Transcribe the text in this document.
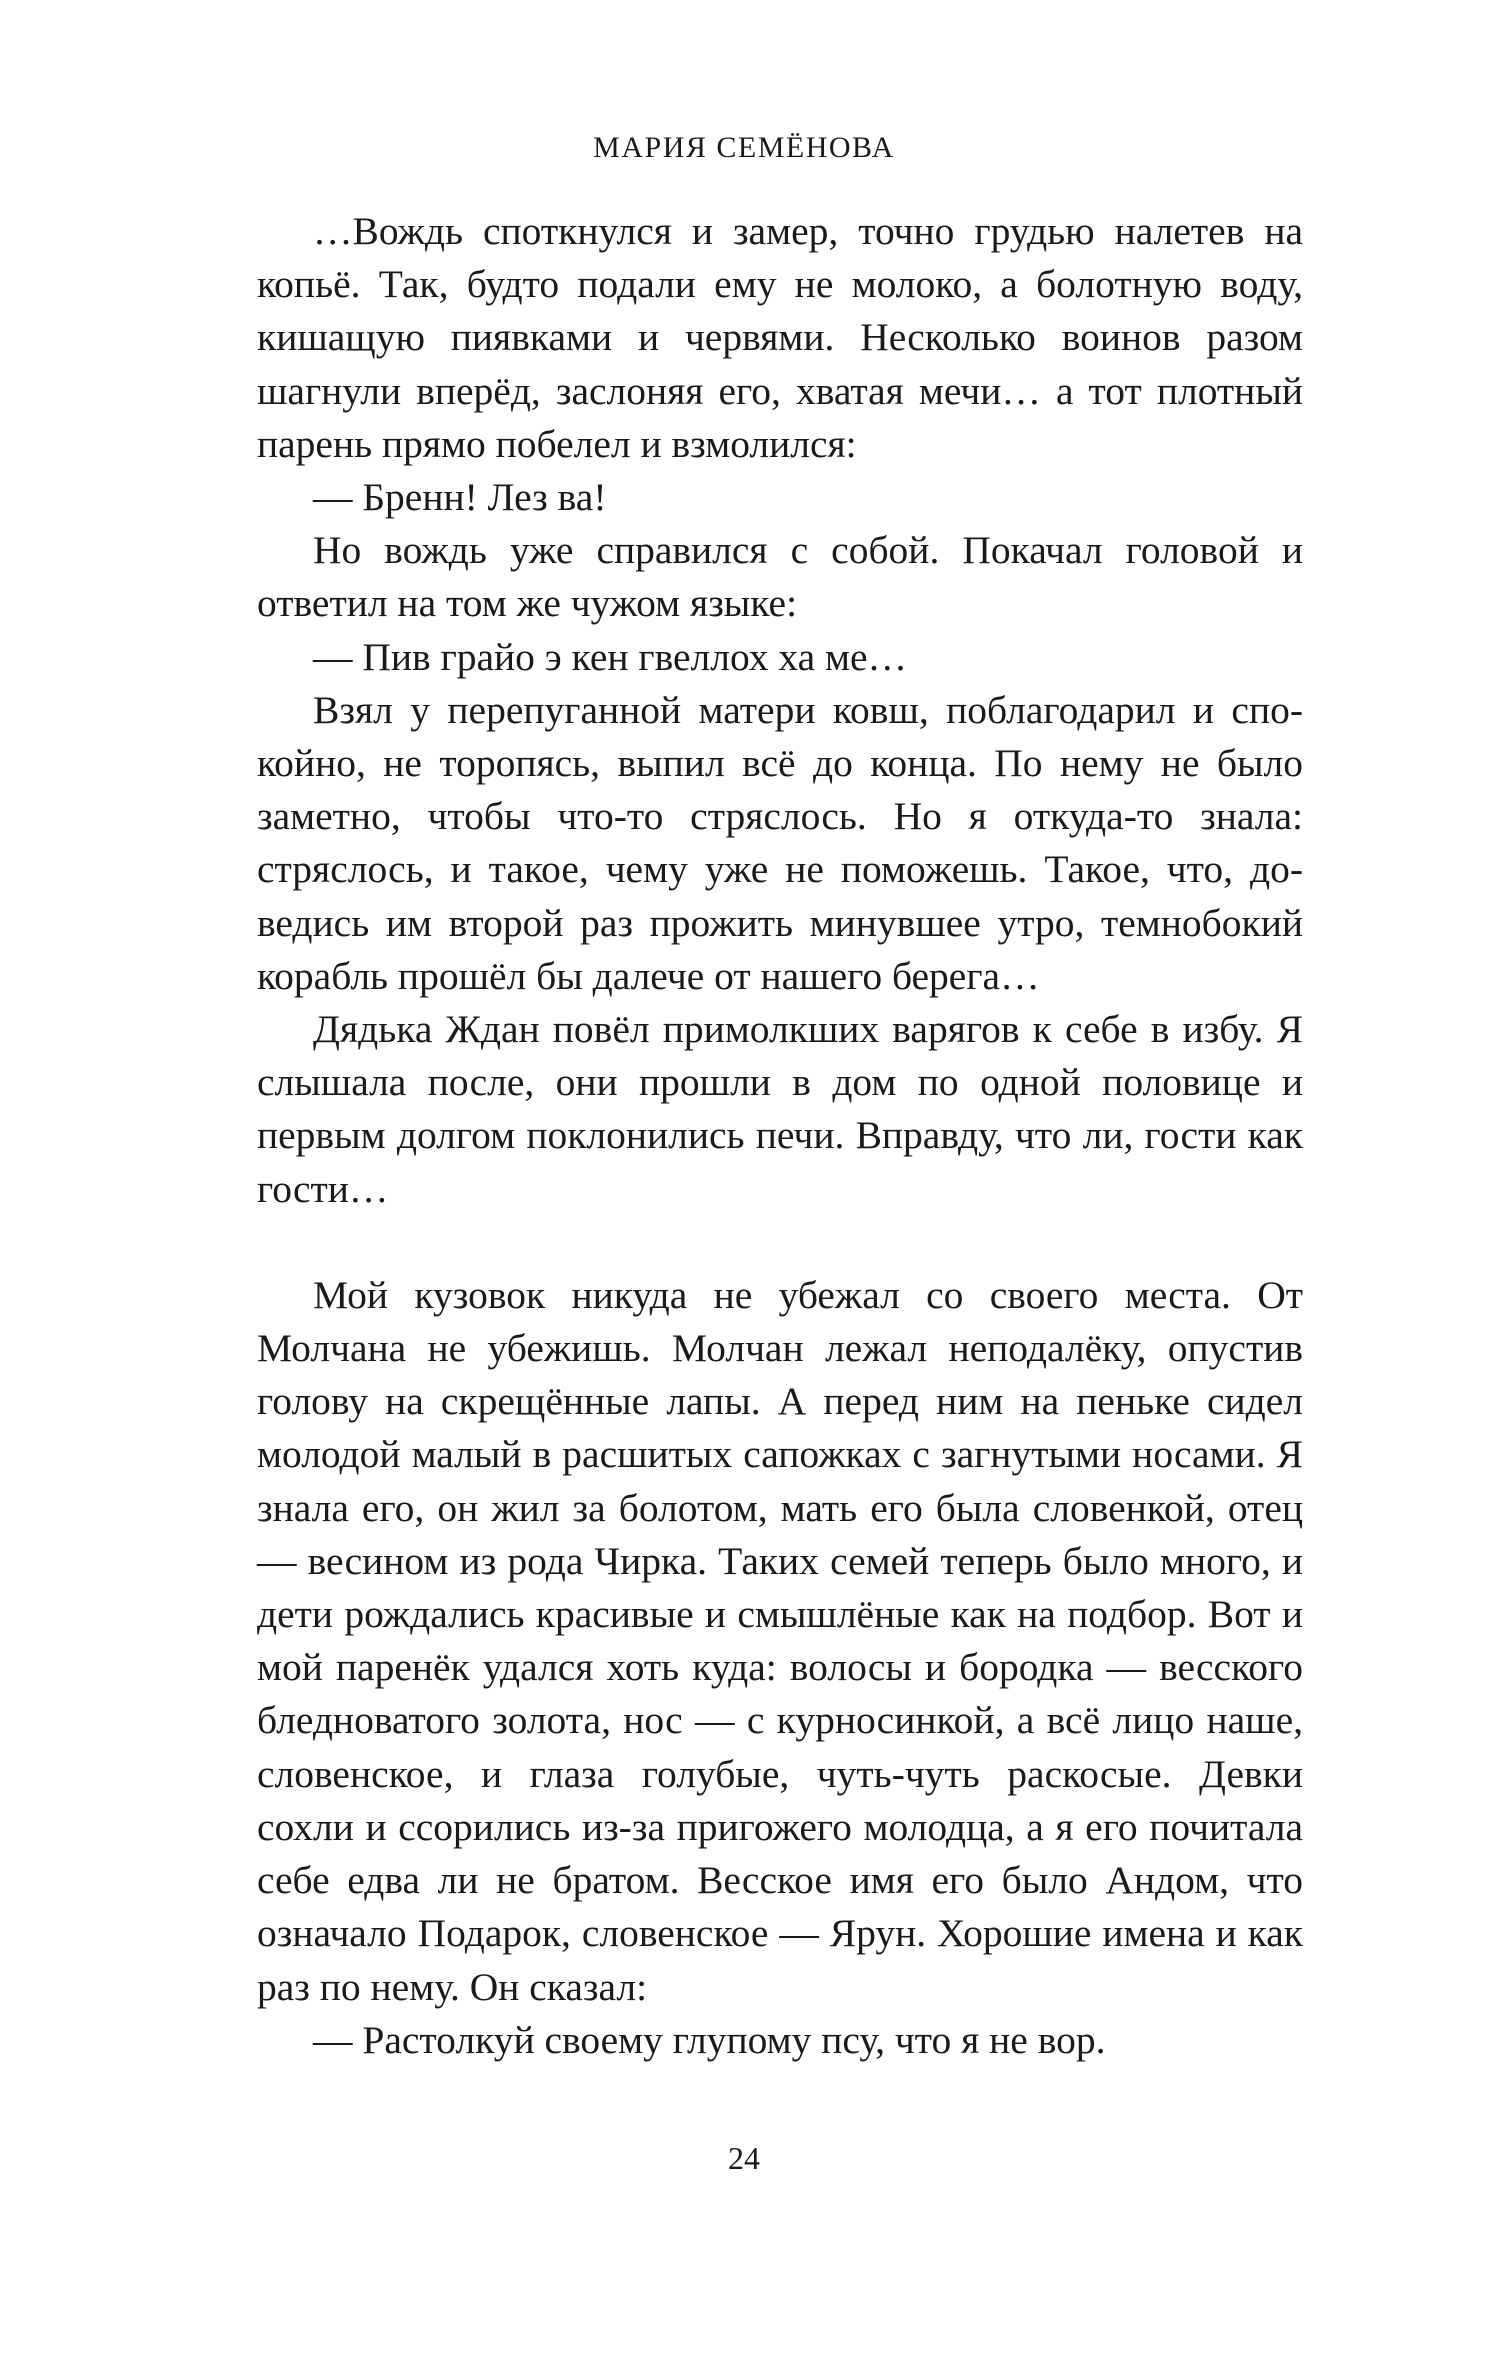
МАРИЯ СЕМЁНОВА

…Вождь споткнулся и замер, точно грудью налетев на копьё. Так, будто подали ему не молоко, а болотную воду, кишащую пиявками и червями. Несколько воинов разом шагнули вперёд, заслоняя его, хватая мечи… а тот плотный парень прямо побелел и взмолился:

— Бренн! Лез ва!

Но вождь уже справился с собой. Покачал головой и ответил на том же чужом языке:

— Пив грайо э кен гвеллох ха ме…

Взял у перепуганной матери ковш, поблагодарил и спокойно, не торопясь, выпил всё до конца. По нему не было заметно, чтобы что-то стряслось. Но я откуда-то знала: стряслось, и такое, чему уже не поможешь. Такое, что, доведись им второй раз прожить минувшее утро, темнобокий корабль прошёл бы далече от нашего берега…

Дядька Ждан повёл примолкших варягов к себе в избу. Я слышала после, они прошли в дом по одной половице и первым долгом поклонились печи. Вправду, что ли, гости как гости…

Мой кузовок никуда не убежал со своего места. От Молчана не убежишь. Молчан лежал неподалёку, опустив голову на скрещённые лапы. А перед ним на пеньке сидел молодой малый в расшитых сапожках с загнутыми носами. Я знала его, он жил за болотом, мать его была словенкой, отец — весином из рода Чирка. Таких семей теперь было много, и дети рождались красивые и смышлёные как на подбор. Вот и мой паренёк удался хоть куда: волосы и бородка — весского бледноватого золота, нос — с курносинкой, а всё лицо наше, словенское, и глаза голубые, чуть-чуть раскосые. Девки сохли и ссорились из-за пригожего молодца, а я его почитала себе едва ли не братом. Весское имя его было Андом, что означало Подарок, словенское — Ярун. Хорошие имена и как раз по нему. Он сказал:

— Растолкуй своему глупому псу, что я не вор.

24
